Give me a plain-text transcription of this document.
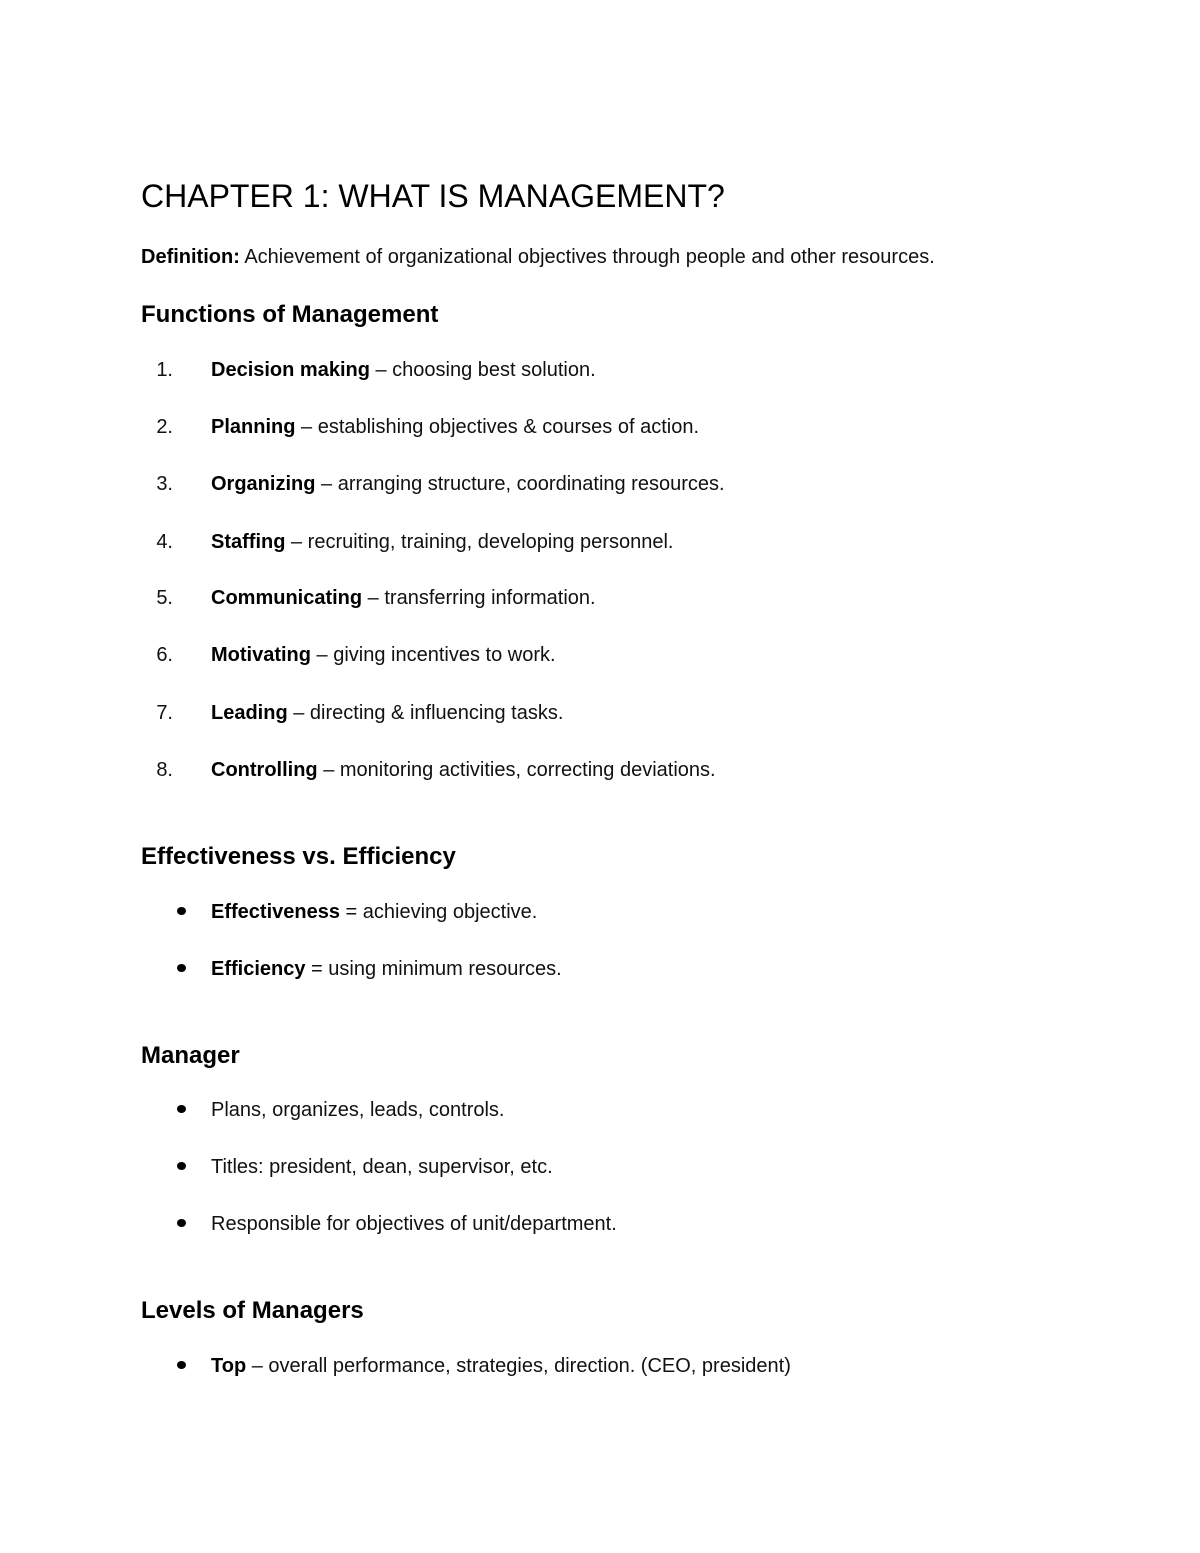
CHAPTER 1: WHAT IS MANAGEMENT?
Definition: Achievement of organizational objectives through people and other resources.
Functions of Management
1. Decision making – choosing best solution.
2. Planning – establishing objectives & courses of action.
3. Organizing – arranging structure, coordinating resources.
4. Staffing – recruiting, training, developing personnel.
5. Communicating – transferring information.
6. Motivating – giving incentives to work.
7. Leading – directing & influencing tasks.
8. Controlling – monitoring activities, correcting deviations.
Effectiveness vs. Efficiency
Effectiveness = achieving objective.
Efficiency = using minimum resources.
Manager
Plans, organizes, leads, controls.
Titles: president, dean, supervisor, etc.
Responsible for objectives of unit/department.
Levels of Managers
Top – overall performance, strategies, direction. (CEO, president)
